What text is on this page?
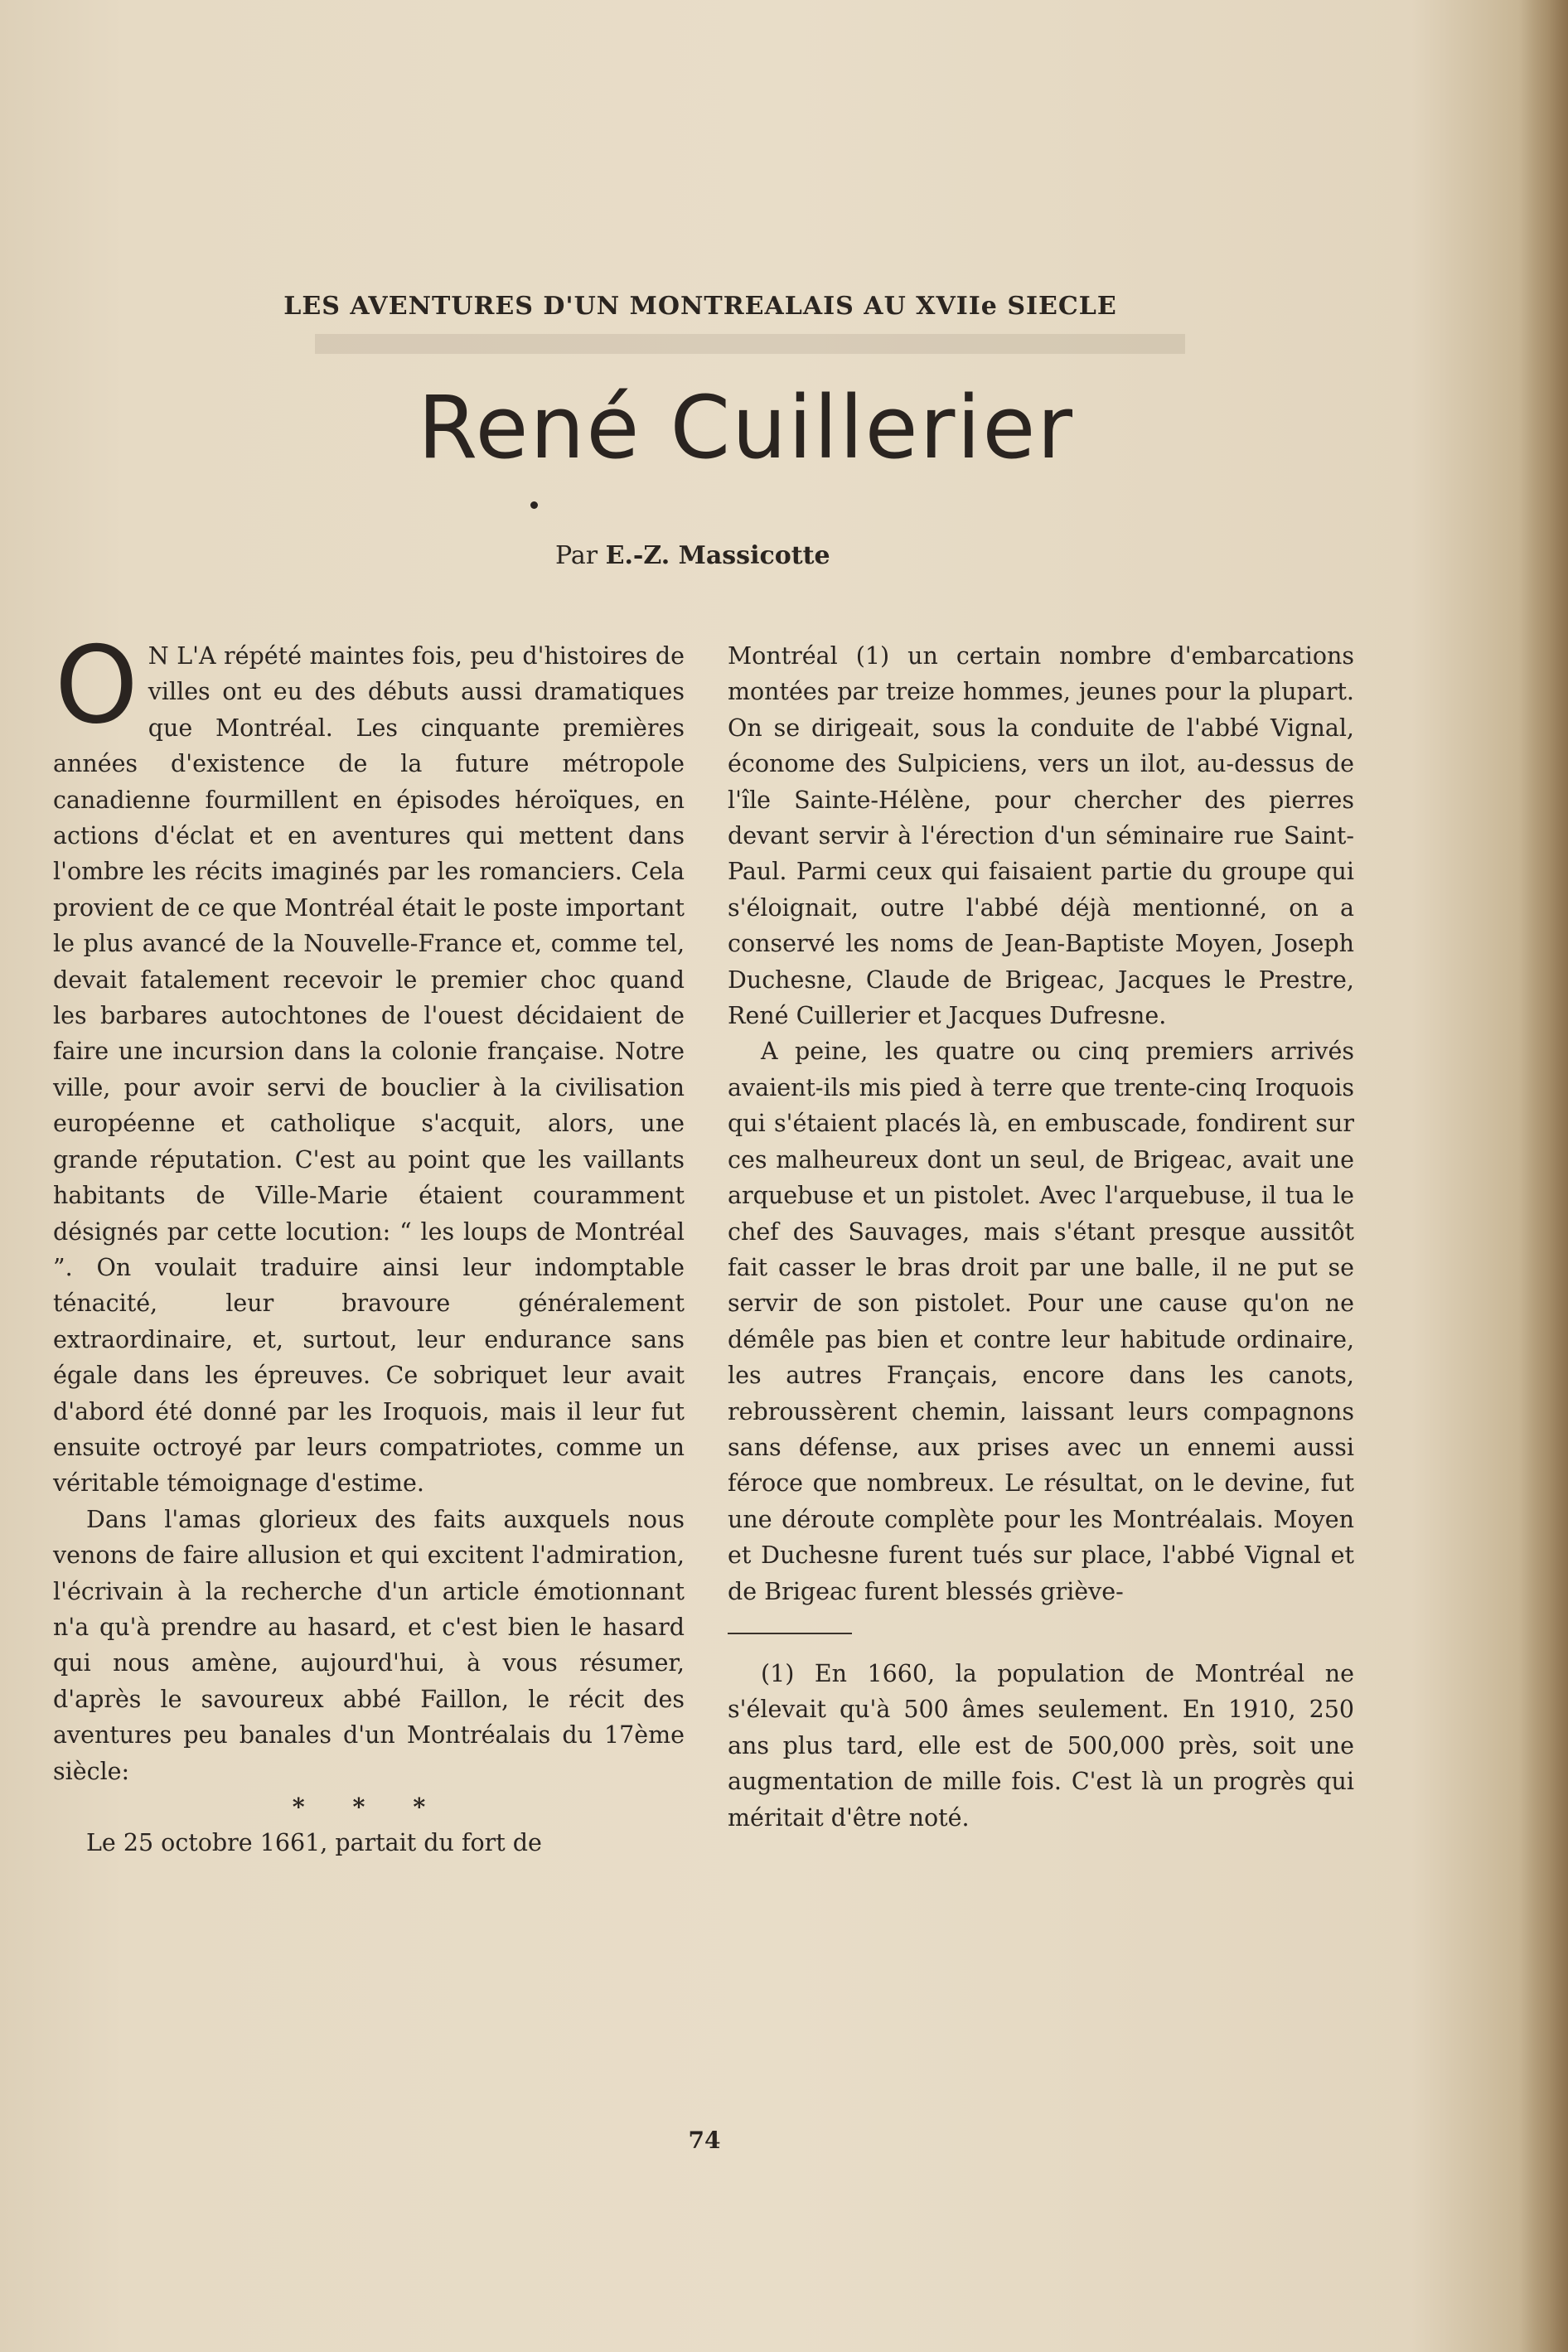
LES AVENTURES D'UN MONTREALAIS AU XVIIe SIECLE
René Cuillerier
Par E.-Z. Massicotte

O N L'A répété maintes fois, peu d'histoires de villes ont eu des débuts aussi dramatiques que Montréal. Les cinquante premières années d'existence de la future métropole canadienne fourmillent en épisodes héroïques, en actions d'éclat et en aventures qui mettent dans l'ombre les récits imaginés par les romanciers. Cela provient de ce que Montréal était le poste important le plus avancé de la Nouvelle-France et, comme tel, devait fatalement recevoir le premier choc quand les barbares autochtones de l'ouest décidaient de faire une incursion dans la colonie française. Notre ville, pour avoir servi de bouclier à la civilisation européenne et catholique s'acquit, alors, une grande réputation. C'est au point que les vaillants habitants de Ville-Marie étaient couramment désignés par cette locution: “ les loups de Montréal ”. On voulait traduire ainsi leur indomptable ténacité, leur bravoure généralement extraordinaire, et, surtout, leur endurance sans égale dans les épreuves. Ce sobriquet leur avait d'abord été donné par les Iroquois, mais il leur fut ensuite octroyé par leurs compatriotes, comme un véritable témoignage d'estime.

Dans l'amas glorieux des faits auxquels nous venons de faire allusion et qui excitent l'admiration, l'écrivain à la recherche d'un article émotionnant n'a qu'à prendre au hasard, et c'est bien le hasard qui nous amène, aujourd'hui, à vous résumer, d'après le savoureux abbé Faillon, le récit des aventures peu banales d'un Montréalais du 17ème siècle:

* * *

Le 25 octobre 1661, partait du fort de

Montréal (1) un certain nombre d'embarcations montées par treize hommes, jeunes pour la plupart. On se dirigeait, sous la conduite de l'abbé Vignal, économe des Sulpiciens, vers un ilot, au-dessus de l'île Sainte-Hélène, pour chercher des pierres devant servir à l'érection d'un séminaire rue Saint-Paul. Parmi ceux qui faisaient partie du groupe qui s'éloignait, outre l'abbé déjà mentionné, on a conservé les noms de Jean-Baptiste Moyen, Joseph Duchesne, Claude de Brigeac, Jacques le Prestre, René Cuillerier et Jacques Dufresne.

A peine, les quatre ou cinq premiers arrivés avaient-ils mis pied à terre que trente-cinq Iroquois qui s'étaient placés là, en embuscade, fondirent sur ces malheureux dont un seul, de Brigeac, avait une arquebuse et un pistolet. Avec l'arquebuse, il tua le chef des Sauvages, mais s'étant presque aussitôt fait casser le bras droit par une balle, il ne put se servir de son pistolet. Pour une cause qu'on ne démêle pas bien et contre leur habitude ordinaire, les autres Français, encore dans les canots, rebroussèrent chemin, laissant leurs compagnons sans défense, aux prises avec un ennemi aussi féroce que nombreux. Le résultat, on le devine, fut une déroute complète pour les Montréalais. Moyen et Duchesne furent tués sur place, l'abbé Vignal et de Brigeac furent blessés griève-

(1) En 1660, la population de Montréal ne s'élevait qu'à 500 âmes seulement. En 1910, 250 ans plus tard, elle est de 500,000 près, soit une augmentation de mille fois. C'est là un progrès qui méritait d'être noté.

74
